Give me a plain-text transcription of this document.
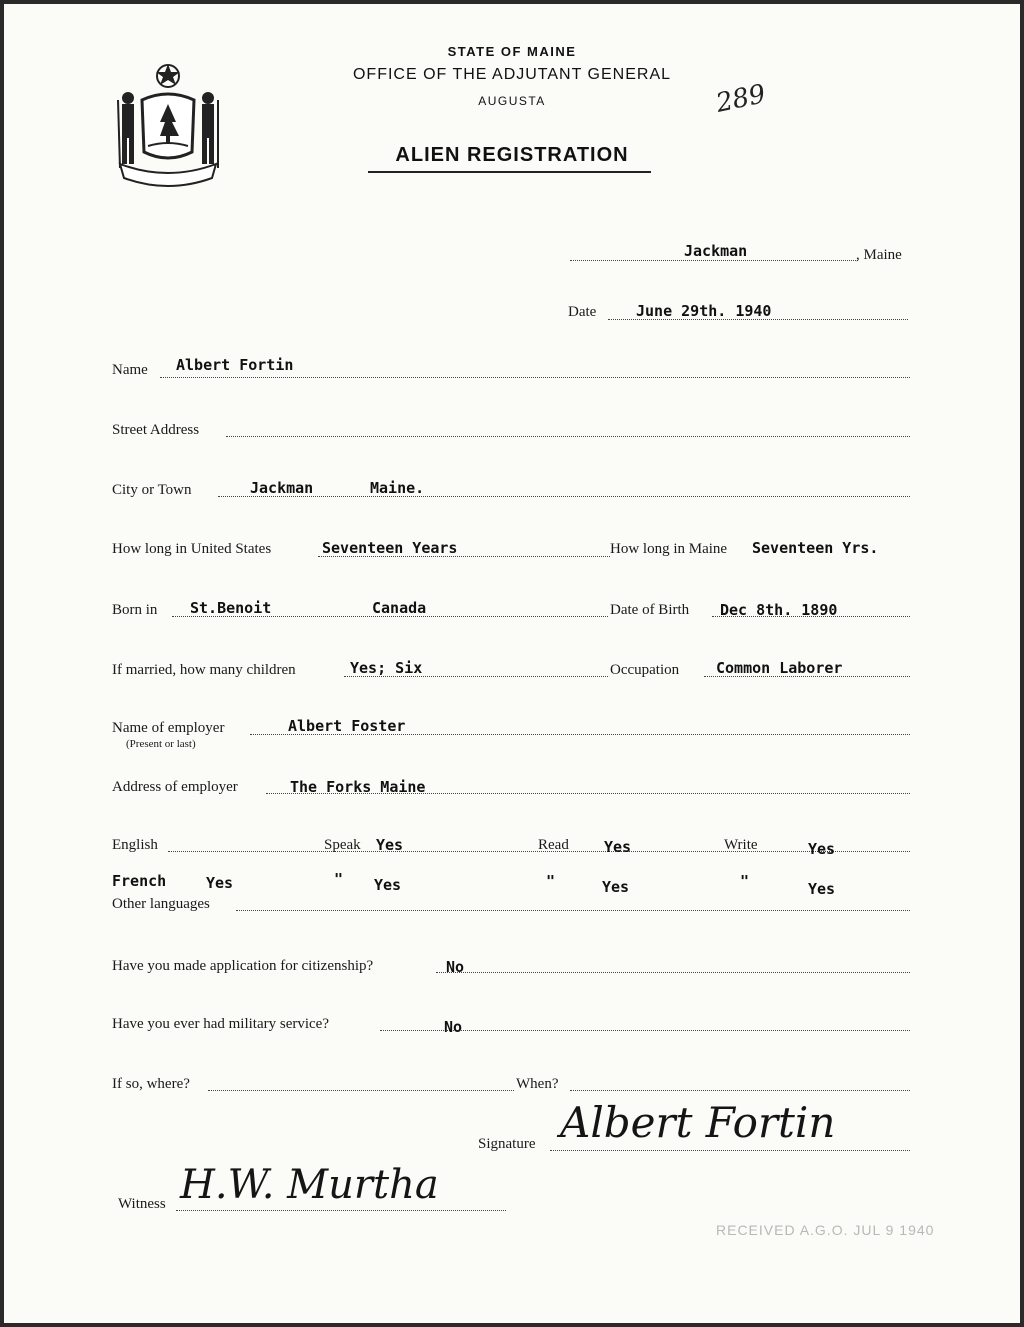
STATE OF MAINE
OFFICE OF THE ADJUTANT GENERAL
AUGUSTA
ALIEN REGISTRATION
289
Jackman	, Maine
Date	June 29th. 1940
Name Albert Fortin
Street Address
City or Town	Jackman	Maine.
How long in United States	Seventeen Years	How long in Maine Seventeen Yrs.
Born in St.Benoit	Canada	Date of Birth Dec 8th. 1890
If married, how many children	Yes; Six	Occupation Common Laborer
Name of employer
(Present or last)
Albert Foster
Address of employer	The Forks Maine
English	Speak Yes	Read Yes	Write	Yes
French	Yes	" Yes	"	Yes	"	Yes
Other languages
Have you made application for citizenship?	No
Have you ever had military service?	No
If so, where?	When?
Signature Albert Fortin
Witness H.W. Murtha
RECEIVED A.G.O. JUL 9 1940
